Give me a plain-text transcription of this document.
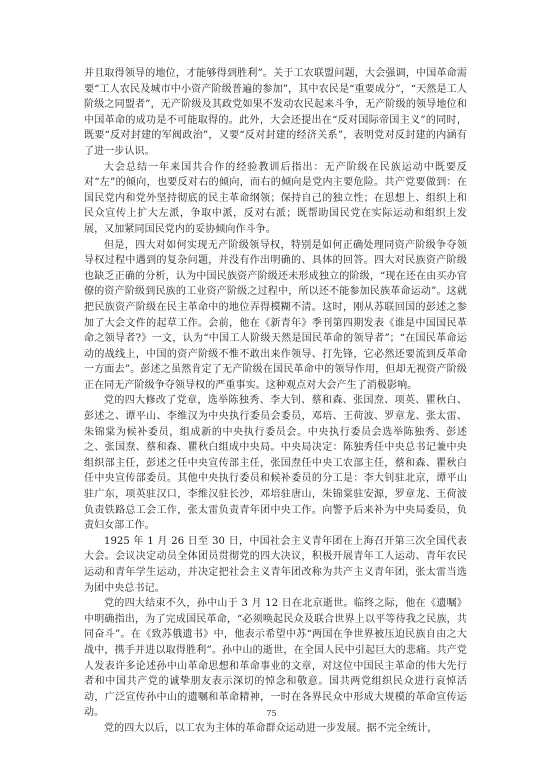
并且取得领导的地位，才能够得到胜利”。关于工农联盟问题，大会强调，中国革命需要“工人农民及城市中小资产阶级普遍的参加”，其中农民是“重要成分”，“天然是工人阶级之同盟者”，无产阶级及其政党如果不发动农民起来斗争，无产阶级的领导地位和中国革命的成功是不可能取得的。此外，大会还提出在“反对国际帝国主义”的同时，既要“反对封建的军阀政治”，又要“反对封建的经济关系”，表明党对反封建的内涵有了进一步认识。

大会总结一年来国共合作的经验教训后指出：无产阶级在民族运动中既要反对“左”的倾向，也要反对右的倾向，而右的倾向是党内主要危险。共产党要做到：在国民党内和党外坚持彻底的民主革命纲领；保持自己的独立性；在思想上、组织上和民众宣传上扩大左派，争取中派，反对右派；既帮助国民党在实际运动和组织上发展，又加紧同国民党内的妥协倾向作斗争。

但是，四大对如何实现无产阶级领导权，特别是如何正确处理同资产阶级争夺领导权过程中遇到的复杂问题，并没有作出明确的、具体的回答。四大对民族资产阶级也缺乏正确的分析，认为中国民族资产阶级还未形成独立的阶级，“现在还在由买办官僚的资产阶级到民族的工业资产阶级之过程中，所以还不能参加民族革命运动”。这就把民族资产阶级在民主革命中的地位弄得模糊不清。这时，刚从苏联回国的彭述之参加了大会文件的起草工作。会前，他在《新青年》季刊第四期发表《谁是中国国民革命之领导者?》一文，认为“中国工人阶级天然是国民革命的领导者”；“在国民革命运动的战线上，中国的资产阶级不惟不敢出来作领导、打先锋，它必然还要流到反革命一方面去”。彭述之虽然肯定了无产阶级在国民革命中的领导作用，但却无视资产阶级正在同无产阶级争夺领导权的严重事实。这种观点对大会产生了消极影响。

党的四大修改了党章，选举陈独秀、李大钊、蔡和森、张国焘、项英、瞿秋白、彭述之、谭平山、李维汉为中央执行委员会委员，邓培、王荷波、罗章龙、张太雷、朱锦棠为候补委员，组成新的中央执行委员会。中央执行委员会选举陈独秀、彭述之、张国焘、蔡和森、瞿秋白组成中央局。中央局决定：陈独秀任中央总书记兼中央组织部主任，彭述之任中央宣传部主任，张国焘任中央工农部主任，蔡和森、瞿秋白任中央宣传部委员。其他中央执行委员和候补委员的分工是：李大钊驻北京，谭平山驻广东，项英驻汉口，李维汉驻长沙，邓培驻唐山，朱锦棠驻安源，罗章龙、王荷波负责铁路总工会工作，张太雷负责青年团中央工作。向警予后来补为中央局委员，负责妇女部工作。

1925 年 1 月 26 日至 30 日，中国社会主义青年团在上海召开第三次全国代表大会。会议决定动员全体团员贯彻党的四大决议，积极开展青年工人运动、青年农民运动和青年学生运动，并决定把社会主义青年团改称为共产主义青年团，张太雷当选为团中央总书记。

党的四大结束不久，孙中山于 3 月 12 日在北京逝世。临终之际，他在《遗嘱》中明确指出，为了完成国民革命，“必须唤起民众及联合世界上以平等待我之民族，共同奋斗”。在《致苏俄遗书》中，他表示希望中苏“两国在争世界被压迫民族自由之大战中，携手并进以取得胜利”。孙中山的逝世，在全国人民中引起巨大的悲痛。共产党人发表许多论述孙中山革命思想和革命事业的文章，对这位中国民主革命的伟大先行者和中国共产党的诚挚朋友表示深切的悼念和敬意。国共两党组织民众进行哀悼活动，广泛宣传孙中山的遗嘱和革命精神，一时在各界民众中形成大规模的革命宣传运动。

党的四大以后，以工农为主体的革命群众运动进一步发展。据不完全统计，

75
